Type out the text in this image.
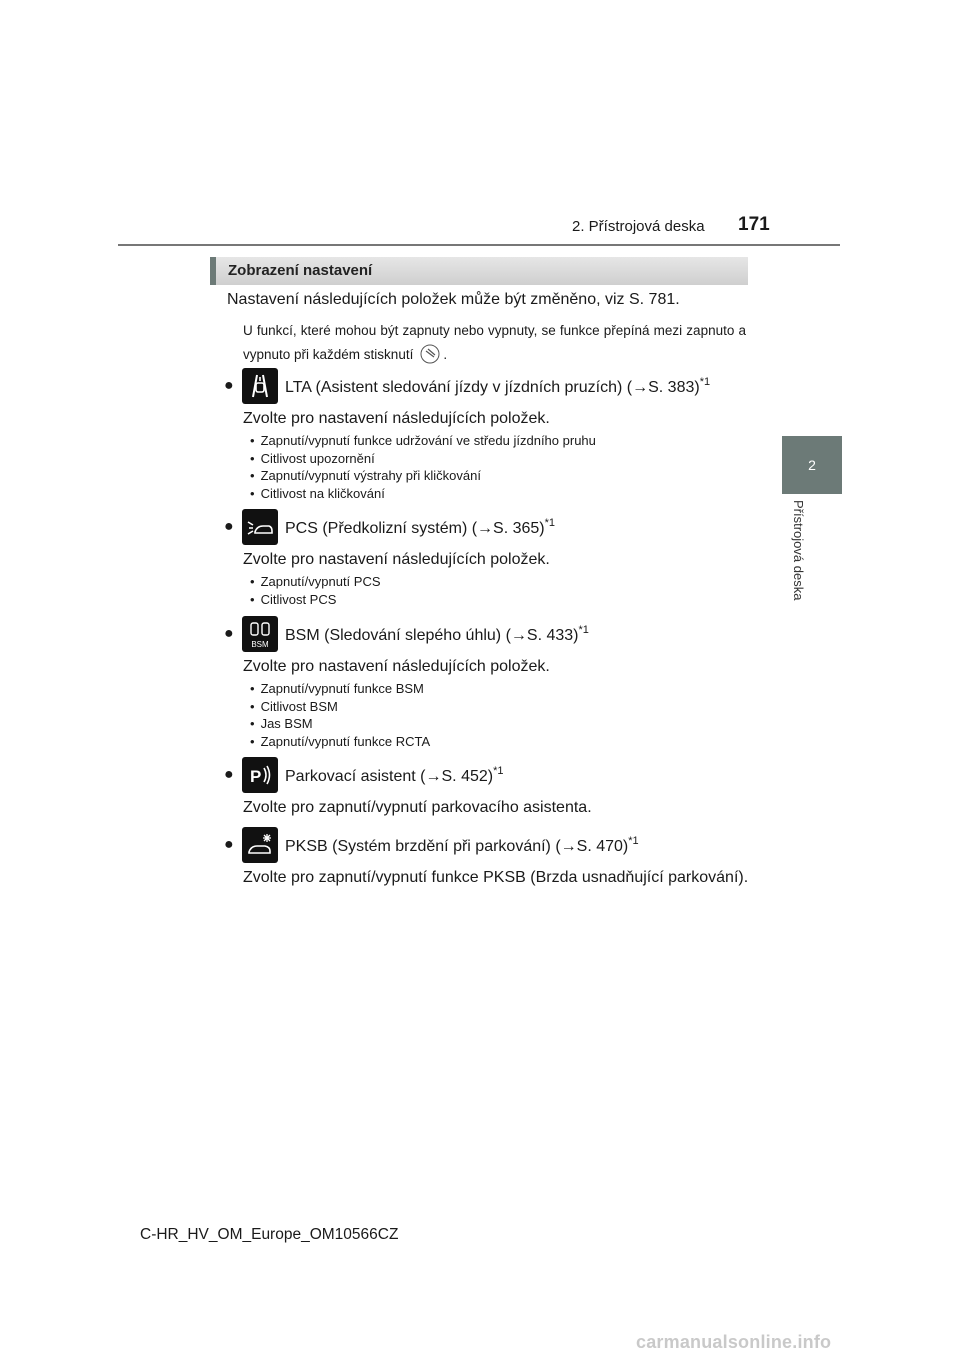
2. Přístrojová deska 171
2
Přístrojová deska
Zobrazení nastavení
Nastavení následujících položek může být změněno, viz S. 781.
U funkcí, které mohou být zapnuty nebo vypnuty, se funkce přepíná mezi zapnuto a vypnuto při každém stisknutí .
●	LTA (Asistent sledování jízdy v jízdních pruzích) (→S. 383)$^{*1}$
Zvolte pro nastavení následujících položek.
• Zapnutí/vypnutí funkce udržování ve středu jízdního pruhu
• Citlivost upozornění
• Zapnutí/vypnutí výstrahy při kličkování
• Citlivost na kličkování
●	PCS (Předkolizní systém) (→S. 365)$^{*1}$
Zvolte pro nastavení následujících položek.
• Zapnutí/vypnutí PCS
• Citlivost PCS
●
BSM
BSM (Sledování slepého úhlu) (→S. 433)$^{*1}$
Zvolte pro nastavení následujících položek.
• Zapnutí/vypnutí funkce BSM
• Citlivost BSM
• Jas BSM
• Zapnutí/vypnutí funkce RCTA
● P Parkovací asistent (→S. 452)$^{*1}$
Zvolte pro zapnutí/vypnutí parkovacího asistenta.
●	PKSB (Systém brzdění při parkování) (→S. 470)$^{*1}$
Zvolte pro zapnutí/vypnutí funkce PKSB (Brzda usnadňující parkování).
C-HR_HV_OM_Europe_OM10566CZ
carmanualsonline.info
